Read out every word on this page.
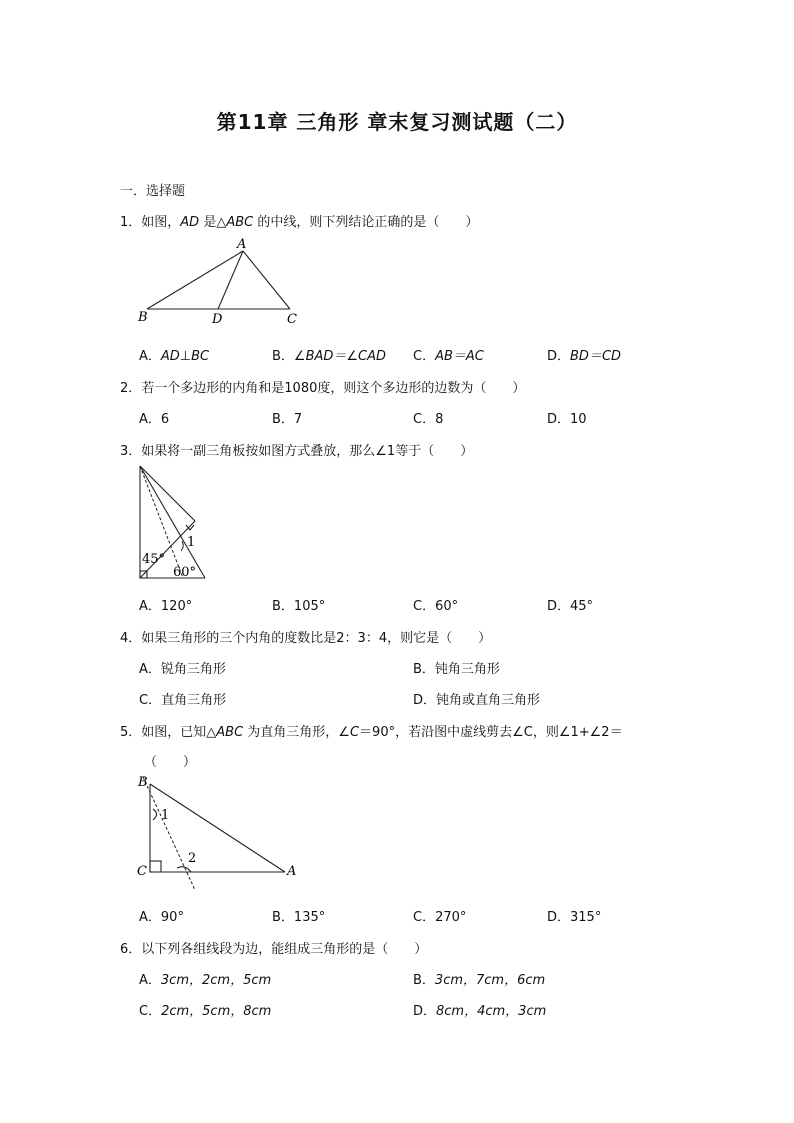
第11章 三角形 章末复习测试题（二）
一．选择题
1．如图，AD 是△ABC 的中线，则下列结论正确的是（　　）
A
B	D	C
A．AD⊥BC	B．∠BAD＝∠CAD C．AB＝AC	D．BD＝CD
2．若一个多边形的内角和是1080度，则这个多边形的边数为（　　）
A．6	B．7	C．8	D．10
3．如果将一副三角板按如图方式叠放，那么∠1等于（　　）
45°
60°
1
A．120°	B．105°	C．60°	D．45°
4．如果三角形的三个内角的度数比是2：3：4，则它是（　　）
A．锐角三角形	B．钝角三角形
C．直角三角形	D．钝角或直角三角形
5．如图，已知△ABC 为直角三角形，∠C＝90°，若沿图中虚线剪去∠C，则∠1+∠2＝
（　　）
B
C	A
1
2
A．90°	B．135°	C．270°	D．315°
6．以下列各组线段为边，能组成三角形的是（　　）
A．3cm，2cm，5cm	B．3cm，7cm，6cm
C．2cm，5cm，8cm	D．8cm，4cm，3cm
